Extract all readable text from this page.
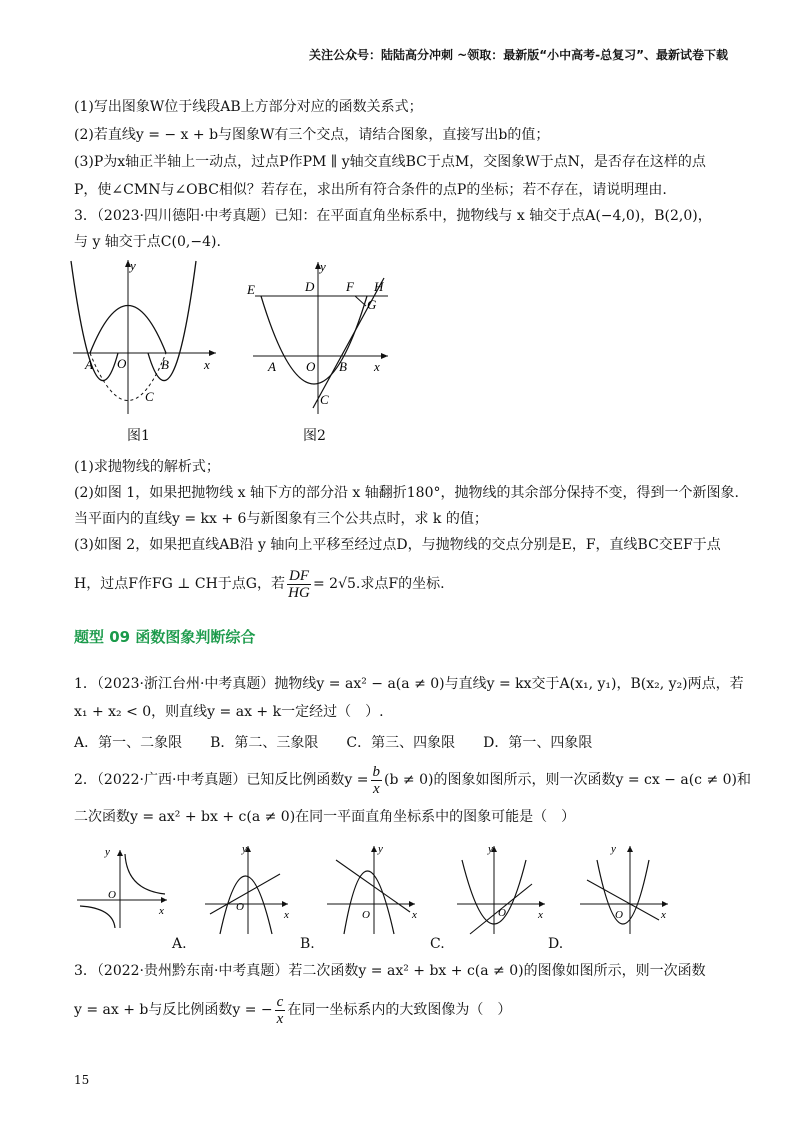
关注公众号：陆陆高分冲刺 ~领取：最新版“小中高考-总复习”、最新试卷下载
(1)写出图象W位于线段AB上方部分对应的函数关系式；
(2)若直线y = − x + b与图象W有三个交点，请结合图象，直接写出b的值；
(3)P为x轴正半轴上一动点，过点P作PM ∥ y轴交直线BC于点M，交图象W于点N，是否存在这样的点
P，使∠CMN与∠OBC相似？若存在，求出所有符合条件的点P的坐标；若不存在，请说明理由.
3．（2023·四川德阳·中考真题）已知：在平面直角坐标系中，抛物线与 x 轴交于点A(−4,0)，B(2,0)，
与 y 轴交于点C(0,−4).
y
x
O
A	B
C
图1
y
x
O
A	B
C
D
E	F H
G
图2
(1)求抛物线的解析式；
(2)如图 1，如果把抛物线 x 轴下方的部分沿 x 轴翻折180°，抛物线的其余部分保持不变，得到一个新图象.
当平面内的直线y = kx + 6与新图象有三个公共点时，求 k 的值；
(3)如图 2，如果把直线AB沿 y 轴向上平移至经过点D，与抛物线的交点分别是E，F，直线BC交EF于点
H，过点F作FG ⊥ CH于点G，若 $\frac{DF}{HG} = 2√5$.求点F的坐标.
题型 09 函数图象判断综合
1．（2023·浙江台州·中考真题）抛物线y = ax² − a(a ≠ 0)与直线y = kx交于A(x₁, y₁)，B(x₂, y₂)两点，若
x₁ + x₂ < 0，则直线y = ax + k一定经过（　）.
A．第一、二象限　　B．第二、三象限　　C．第三、四象限　　D．第一、四象限
2．（2022·广西·中考真题）已知反比例函数$y = \frac{b}{x} (b \ne 0)$的图象如图所示，则一次函数y = cx − a(c ≠ 0)和
二次函数y = ax² + bx + c(a ≠ 0)在同一平面直角坐标系中的图象可能是（　）
y
x
O
y
x
O
A.
y
x
O
B.
y
x
O
C.
y
x
O
D.
3．（2022·贵州黔东南·中考真题）若二次函数y = ax² + bx + c(a ≠ 0)的图像如图所示，则一次函数
y = ax + b与反比例函数y = − $\frac{c}{x}$ 在同一坐标系内的大致图像为（　）
15
